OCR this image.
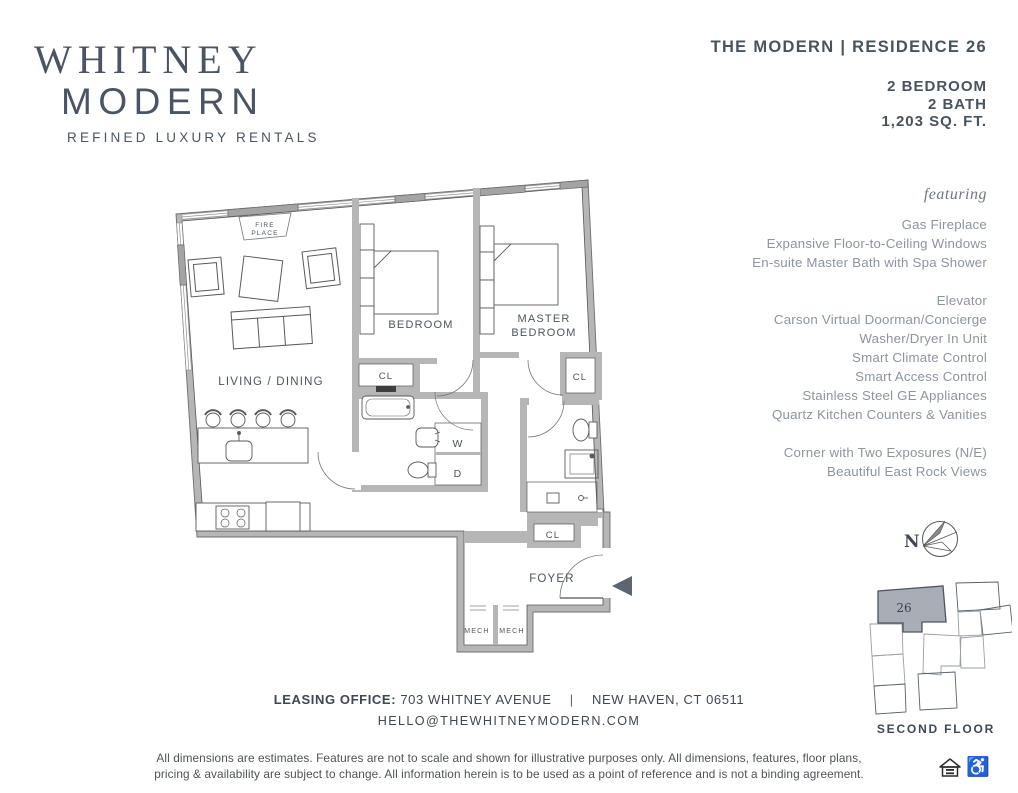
WHITNEY
MODERN
REFINED LUXURY RENTALS
THE MODERN | RESIDENCE 26
2 BEDROOM
2 BATH
1,203 SQ. FT.
featuring
Gas Fireplace
Expansive Floor-to-Ceiling Windows
En-suite Master Bath with Spa Shower
Elevator
Carson Virtual Doorman/Concierge
Washer/Dryer In Unit
Smart Climate Control
Smart Access Control
Stainless Steel GE Appliances
Quartz Kitchen Counters & Vanities
Corner with Two Exposures (N/E)
Beautiful East Rock Views
FIRE
PLACE
LIVING / DINING
BEDROOM	MASTER
BEDROOM
CL	CL
CL
W
D
FOYER
MECH MECH
N
26
SECOND FLOOR
LEASING OFFICE: 703 WHITNEY AVENUE | NEW HAVEN, CT 06511
HELLO@THEWHITNEYMODERN.COM
All dimensions are estimates. Features are not to scale and shown for illustrative purposes only. All dimensions, features, floor plans,
pricing & availability are subject to change. All information herein is to be used as a point of reference and is not a binding agreement.	♿
